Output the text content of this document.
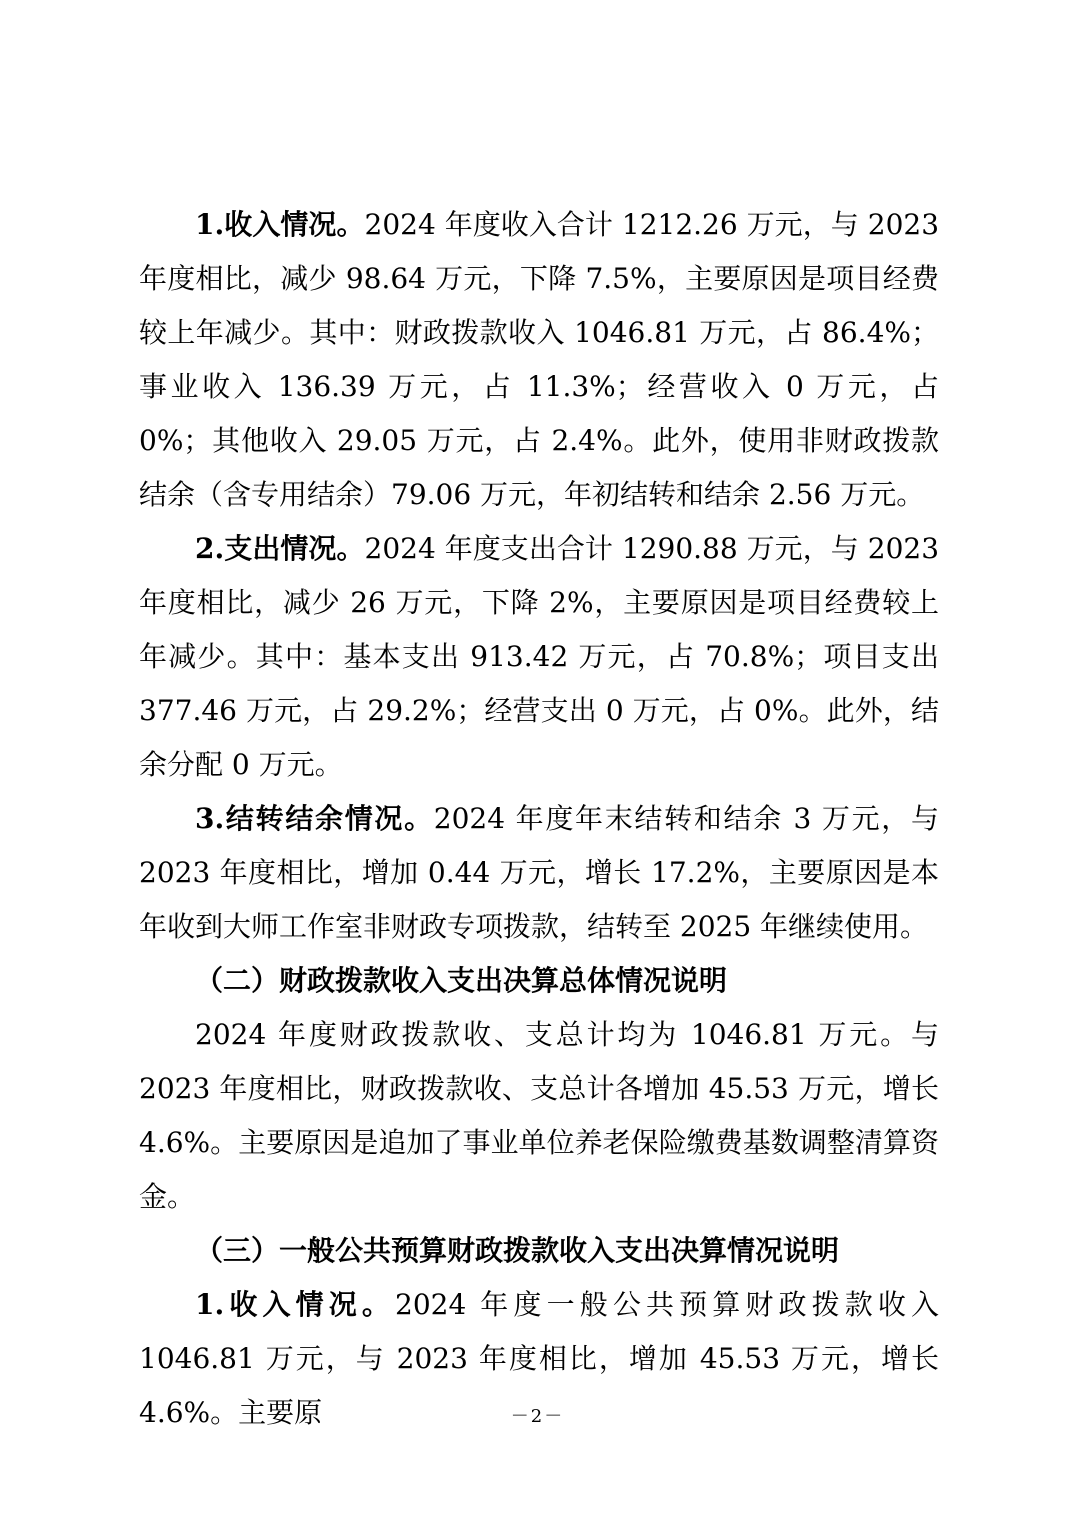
1.收入情况。2024 年度收入合计 1212.26 万元，与 2023 年度相比，减少 98.64 万元，下降 7.5%，主要原因是项目经费较上年减少。其中：财政拨款收入 1046.81 万元，占 86.4%；事业收入 136.39 万元，占 11.3%；经营收入 0 万元，占 0%；其他收入 29.05 万元，占 2.4%。此外，使用非财政拨款结余（含专用结余）79.06 万元，年初结转和结余 2.56 万元。

2.支出情况。2024 年度支出合计 1290.88 万元，与 2023 年度相比，减少 26 万元，下降 2%，主要原因是项目经费较上年减少。其中：基本支出 913.42 万元，占 70.8%；项目支出 377.46 万元，占 29.2%；经营支出 0 万元，占 0%。此外，结余分配 0 万元。

3.结转结余情况。2024 年度年末结转和结余 3 万元，与 2023 年度相比，增加 0.44 万元，增长 17.2%，主要原因是本年收到大师工作室非财政专项拨款，结转至 2025 年继续使用。

（二）财政拨款收入支出决算总体情况说明

2024 年度财政拨款收、支总计均为 1046.81 万元。与 2023 年度相比，财政拨款收、支总计各增加 45.53 万元，增长 4.6%。主要原因是追加了事业单位养老保险缴费基数调整清算资金。

（三）一般公共预算财政拨款收入支出决算情况说明

1.收入情况。2024 年度一般公共预算财政拨款收入 1046.81 万元，与 2023 年度相比，增加 45.53 万元，增长 4.6%。主要原	－2－
